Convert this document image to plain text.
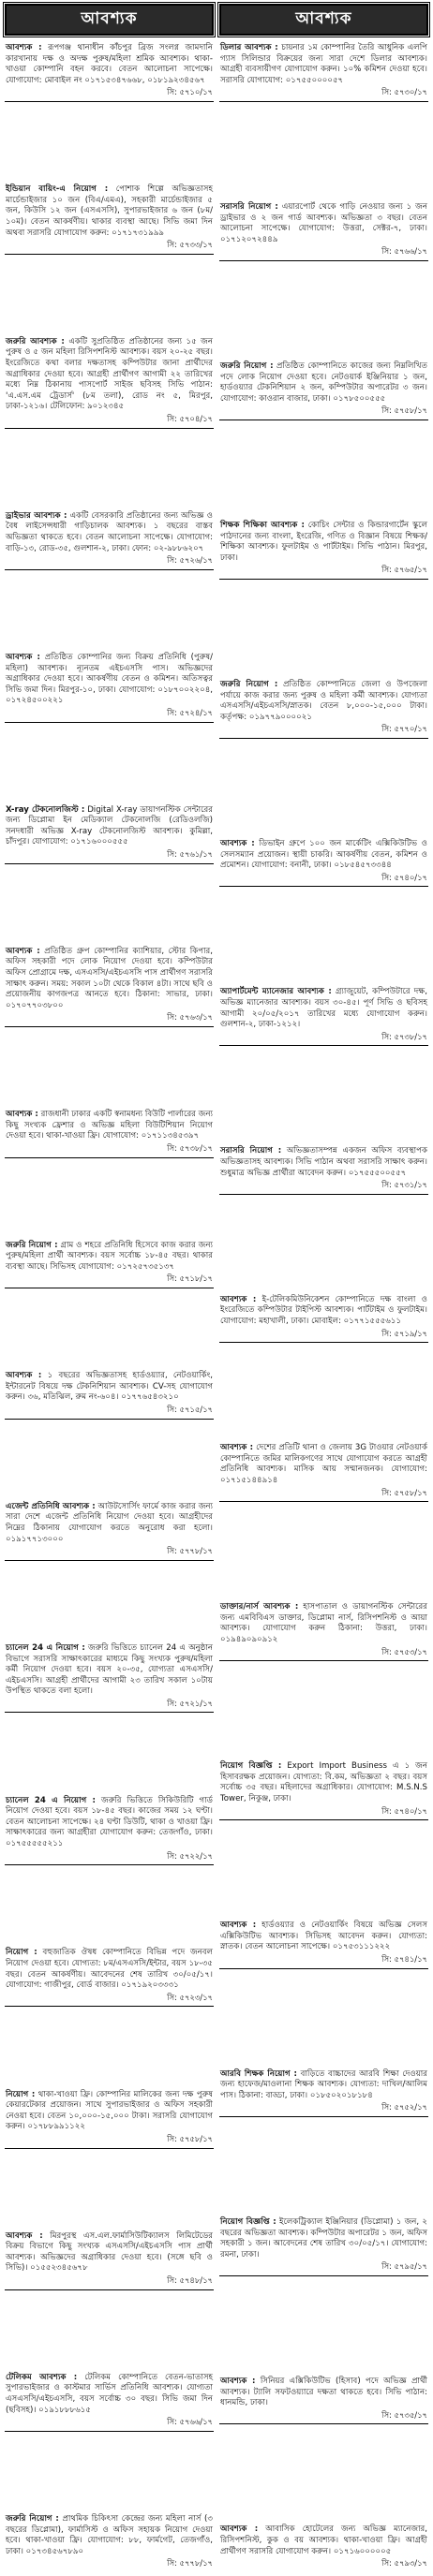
আবশ্যক
আবশ্যক : রূপগঞ্জ থানাধীন কাঁচপুর ব্রিজ সংলগ্ন জামদানি কারখানায় দক্ষ ও অদক্ষ পুরুষ/মহিলা শ্রমিক আবশ্যক। থাকা-খাওয়া কোম্পানি বহন করবে। বেতন আলোচনা সাপেক্ষে। যোগাযোগ: মোবাইল নং ০১৭১৫৩৪৭৬৬৮, ০১৮১৯২৩৪৫৬৭
সি: ৫৭১০/১৭
ইন্ডিয়ান বায়িং-এ নিয়োগ : পোশাক শিল্পে অভিজ্ঞতাসহ মার্চেন্ডাইজার ১০ জন (বিএ/এমএ), সহকারী মার্চেন্ডাইজার ৫ জন, কিউসি ১২ জন (এসএসসি), সুপারভাইজার ৬ জন (৮ম/১০ম)। বেতন আকর্ষণীয়। থাকার ব্যবস্থা আছে। সিভি জমা দিন অথবা সরাসরি যোগাযোগ করুন: ০১৭১৭৩১৯৯৯
সি: ৫৭৩৩/১৭
জরুরি আবশ্যক : একটি সুপ্রতিষ্ঠিত প্রতিষ্ঠানের জন্য ১৫ জন পুরুষ ও ৫ জন মহিলা রিসিপশনিস্ট আবশ্যক। বয়স ২০-২৫ বছর। ইংরেজিতে কথা বলার দক্ষতাসহ কম্পিউটার জানা প্রার্থীদের অগ্রাধিকার দেওয়া হবে। আগ্রহী প্রার্থীগণ আগামী ২২ তারিখের মধ্যে নিম্ন ঠিকানায় পাসপোর্ট সাইজ ছবিসহ সিভি পাঠান: 'এ.এস.এম ট্রেডার্স' (৮ম তলা), রোড নং ৫, মিরপুর, ঢাকা-১২১৬। টেলিফোন: ৯০১২৩৪৫
সি: ৫৭০৪/১৭
ড্রাইভার আবশ্যক : একটি বেসরকারি প্রতিষ্ঠানের জন্য অভিজ্ঞ ও বৈধ লাইসেন্সধারী গাড়িচালক আবশ্যক। ১ বছরের বাস্তব অভিজ্ঞতা থাকতে হবে। বেতন আলোচনা সাপেক্ষে। যোগাযোগ: বাড়ি-১৩, রোড-৩৫, গুলশান-২, ঢাকা। ফোন: ০২-৯৮৮৬২০৭
সি: ৫৭২৬/১৭
আবশ্যক : প্রতিষ্ঠিত কোম্পানির জন্য বিক্রয় প্রতিনিধি (পুরুষ/মহিলা) আবশ্যক। ন্যূনতম এইচএসসি পাস। অভিজ্ঞদের অগ্রাধিকার দেওয়া হবে। আকর্ষণীয় বেতন ও কমিশন। অতিসত্বর সিভি জমা দিন। মিরপুর-১০, ঢাকা। যোগাযোগ: ০১৮৭০০২২০৪, ০১৭২৪৫০০২২১
সি: ৫৭২৪/১৭
X-ray টেকনোলজিস্ট : Digital X-ray ডায়াগনস্টিক সেন্টারের জন্য ডিপ্লোমা ইন মেডিক্যাল টেকনোলজি (রেডিওলজি) সনদধারী অভিজ্ঞ X-ray টেকনোলজিস্ট আবশ্যক। কুমিল্লা, চাঁদপুর। যোগাযোগ: ০১৭১৬০০০৫৫৫
সি: ৫৭৬১/১৭
আবশ্যক : প্রতিষ্ঠিত গ্রুপ কোম্পানির ক্যাশিয়ার, স্টোর কিপার, অফিস সহকারী পদে লোক নিয়োগ দেওয়া হবে। কম্পিউটার অফিস প্রোগ্রামে দক্ষ, এসএসসি/এইচএসসি পাস প্রার্থীগণ সরাসরি সাক্ষাৎ করুন। সময়: সকাল ১০টা থেকে বিকাল ৪টা। সাথে ছবি ও প্রয়োজনীয় কাগজপত্র আনতে হবে। ঠিকানা: সাভার, ঢাকা। ০১৭০৭৭০৩৮০০
সি: ৫৭৬৩/১৭
আবশ্যক : রাজধানী ঢাকার একটি স্বনামধন্য বিউটি পার্লারের জন্য কিছু সংখ্যক ফ্রেশার ও অভিজ্ঞ মহিলা বিউটিশিয়ান নিয়োগ দেওয়া হবে। থাকা-খাওয়া ফ্রি। যোগাযোগ: ০১৭১১৩৪৫৩৯৭
সি: ৫৭৩৮/১৭
জরুরি নিয়োগ : গ্রাম ও শহরে প্রতিনিধি হিসেবে কাজ করার জন্য পুরুষ/মহিলা প্রার্থী আবশ্যক। বয়স সর্বোচ্চ ১৮-৪৫ বছর। থাকার ব্যবস্থা আছে। সিভিসহ যোগাযোগ: ০১৭২৫৭৩৫১৩৭
সি: ৫৭১৮/১৭
আবশ্যক : ১ বছরের অভিজ্ঞতাসহ হার্ডওয়্যার, নেটওয়ার্কিং, ইন্টারনেট বিষয়ে দক্ষ টেকনিশিয়ান আবশ্যক। CV-সহ যোগাযোগ করুন। ৩৬, মতিঝিল, রুম নং-৬০৪। ০১৭৭৬৫৪৩২১০
সি: ৫৭১৫/১৭
এজেন্ট প্রতিনিধি আবশ্যক : আউটসোর্সিং ফার্মে কাজ করার জন্য সারা দেশে এজেন্ট প্রতিনিধি নিয়োগ দেওয়া হবে। আগ্রহীদের নিম্নের ঠিকানায় যোগাযোগ করতে অনুরোধ করা হলো। ০১৯১৭৭১৩০০০
সি: ৫৭৭৮/১৭
চ্যানেল 24 এ নিয়োগ : জরুরি ভিত্তিতে চ্যানেল 24 এ অনুষ্ঠান বিভাগে সরাসরি সাক্ষাৎকারের মাধ্যমে কিছু সংখ্যক পুরুষ/মহিলা কর্মী নিয়োগ দেওয়া হবে। বয়স ২০-৩৫, যোগ্যতা এসএসসি/এইচএসসি। আগ্রহী প্রার্থীদের আগামী ২৩ তারিখ সকাল ১০টায় উপস্থিত থাকতে বলা হলো।
সি: ৫৭২১/১৭
চ্যানেল 24 এ নিয়োগ : জরুরি ভিত্তিতে সিকিউরিটি গার্ড নিয়োগ দেওয়া হবে। বয়স ১৮-৪৫ বছর। কাজের সময় ১২ ঘণ্টা। বেতন আলোচনা সাপেক্ষে। ২৪ ঘণ্টা ডিউটি, থাকা ও খাওয়া ফ্রি। সাক্ষাৎকারের জন্য আগ্রহীরা যোগাযোগ করুন: তেজগাঁও, ঢাকা। ০১৭৫৫৫৫৫২১১
সি: ৫৭২২/১৭
নিয়োগ : বহুজাতিক ঔষধ কোম্পানিতে বিভিন্ন পদে জনবল নিয়োগ দেওয়া হবে। যোগ্যতা: ৮ম/এসএসসি/ইন্টার, বয়স ১৮-৩৫ বছর। বেতন আকর্ষণীয়। আবেদনের শেষ তারিখ ৩০/০৫/১৭। যোগাযোগ: গাজীপুর, বোর্ড বাজার। ০১৭১৯২০৩৩৩১
সি: ৫৭২৩/১৭
নিয়োগ : থাকা-খাওয়া ফ্রি। কোম্পানির মালিকের জন্য দক্ষ পুরুষ কেয়ারটেকার প্রয়োজন। সাথে সুপারভাইজার ও অফিস সহকারী নেওয়া হবে। বেতন ১০,০০০-১৫,০০০ টাকা। সরাসরি যোগাযোগ করুন। ০১৭৮৮৯৯১১২২
সি: ৫৭৫৮/১৭
আবশ্যক : মিরপুরস্থ এস.এল.ফার্মাসিউটিক্যালস লিমিটেডের বিক্রয় বিভাগে কিছু সংখ্যক এসএসসি/এইচএসসি পাস প্রার্থী আবশ্যক। অভিজ্ঞদের অগ্রাধিকার দেওয়া হবে। (সঙ্গে ছবি ও সিভি)। ০১৫৫২৩৪৫৬৭৮
সি: ৫৭৪৮/১৭
টেলিকম আবশ্যক : টেলিকম কোম্পানিতে বেতন-ভাতাসহ সুপারভাইজার ও কাস্টমার সার্ভিস প্রতিনিধি আবশ্যক। যোগ্যতা এসএসসি/এইচএসসি, বয়স সর্বোচ্চ ৩০ বছর। সিভি জমা দিন (ছবিসহ)। ০১৯১৮৮৮৬১৫
সি: ৫৭৬৬/১৭
জরুরি নিয়োগ : প্রাথমিক চিকিৎসা কেন্দ্রের জন্য মহিলা নার্স (৩ বছরের ডিপ্লোমা), ফার্মাসিস্ট ও অফিস সহায়ক নিয়োগ দেওয়া হবে। থাকা-খাওয়া ফ্রি। যোগাযোগ: ৮৮, ফার্মগেট, তেজগাঁও, ঢাকা। ০১৭৩৪৫৬৭৮৯০
সি: ৫৭৭৮/১৭
আবশ্যক
ডিলার আবশ্যক : চায়নার ১ম কোম্পানির তৈরি আধুনিক এলপি গ্যাস সিলিন্ডার বিক্রয়ের জন্য সারা দেশে ডিলার আবশ্যক। আগ্রহী ব্যবসায়ীগণ যোগাযোগ করুন। ১০% কমিশন দেওয়া হবে। সরাসরি যোগাযোগ: ০১৭৫৫০০০০৫৭
সি: ৫৭৩০/১৭
সরাসরি নিয়োগ : এয়ারপোর্ট থেকে গাড়ি নেওয়ার জন্য ১ জন ড্রাইভার ও ২ জন গার্ড আবশ্যক। অভিজ্ঞতা ৩ বছর। বেতন আলোচনা সাপেক্ষে। যোগাযোগ: উত্তরা, সেক্টর-৭, ঢাকা। ০১৭১২০৭২৪৪৯
সি: ৫৭৬৬/১৭
জরুরি নিয়োগ : প্রতিষ্ঠিত কোম্পানিতে কাজের জন্য নিম্নলিখিত পদে লোক নিয়োগ দেওয়া হবে। নেটওয়ার্ক ইঞ্জিনিয়ার ১ জন, হার্ডওয়্যার টেকনিশিয়ান ২ জন, কম্পিউটার অপারেটর ৩ জন। যোগাযোগ: কাওরান বাজার, ঢাকা। ০১৭৮৫০০৫৫৫
সি: ৫৭৫৮/১৭
শিক্ষক শিক্ষিকা আবশ্যক : কোচিং সেন্টার ও কিন্ডারগার্টেন স্কুলে পাঠদানের জন্য বাংলা, ইংরেজি, গণিত ও বিজ্ঞান বিষয়ে শিক্ষক/শিক্ষিকা আবশ্যক। ফুলটাইম ও পার্টটাইম। সিভি পাঠান। মিরপুর, ঢাকা।
সি: ৫৭৬৫/১৭
জরুরি নিয়োগ : প্রতিষ্ঠিত কোম্পানিতে জেলা ও উপজেলা পর্যায়ে কাজ করার জন্য পুরুষ ও মহিলা কর্মী আবশ্যক। যোগ্যতা এসএসসি/এইচএসসি/স্নাতক। বেতন ৮,০০০-১৫,০০০ টাকা। কর্তৃপক্ষ: ০১৯৭৭৯০০০০২১
সি: ৫৭৭০/১৭
আবশ্যক : ডিভাইন গ্রুপে ১০০ জন মার্কেটিং এক্সিকিউটিভ ও সেলসম্যান প্রয়োজন। স্থায়ী চাকরি। আকর্ষণীয় বেতন, কমিশন ও প্রমোশন। যোগাযোগ: বনানী, ঢাকা। ০১৮৫৪৫৭৩৩৪৪
সি: ৫৭৪০/১৭
অ্যাপার্টমেন্ট ম্যানেজার আবশ্যক : গ্র্যাজুয়েট, কম্পিউটারে দক্ষ, অভিজ্ঞ ম্যানেজার আবশ্যক। বয়স ৩০-৪৫। পূর্ণ সিভি ও ছবিসহ আগামী ২০/০৫/২০১৭ তারিখের মধ্যে যোগাযোগ করুন। গুলশান-২, ঢাকা-১২১২।
সি: ৫৭৩৮/১৭
সরাসরি নিয়োগ : অভিজ্ঞতাসম্পন্ন একজন অফিস ব্যবস্থাপক অভিজ্ঞতাসহ আবশ্যক। সিভি পাঠান অথবা সরাসরি সাক্ষাৎ করুন। শুধুমাত্র অভিজ্ঞ প্রার্থীরা আবেদন করুন। ০১৭৫৫৫০০৫৫৭
সি: ৫৭৩১/১৭
আবশ্যক : ই-টেলিকমিউনিকেশন কোম্পানিতে দক্ষ বাংলা ও ইংরেজিতে কম্পিউটার টাইপিস্ট আবশ্যক। পার্টটাইম ও ফুলটাইম। যোগাযোগ: মহাখালী, ঢাকা। মোবাইল: ০১৭৭১৫৫৫৬১১
সি: ৫৭১৯/১৭
আবশ্যক : দেশের প্রতিটি থানা ও জেলায় 3G টাওয়ার নেটওয়ার্ক কোম্পানিতে জমির মালিকগণের সাথে যোগাযোগ করতে আগ্রহী প্রতিনিধি আবশ্যক। মাসিক আয় সম্মানজনক। যোগাযোগ: ০১৭১৫১৪৪৯১৪
সি: ৫৭৫৮/১৭
ডাক্তার/নার্স আবশ্যক : হাসপাতাল ও ডায়াগনস্টিক সেন্টারের জন্য এমবিবিএস ডাক্তার, ডিপ্লোমা নার্স, রিসিপশনিস্ট ও আয়া আবশ্যক। যোগাযোগ করুন ঠিকানা: উত্তরা, ঢাকা। ০১৯৪৯০৯০৯১২
সি: ৫৭৫৩/১৭
নিয়োগ বিজ্ঞপ্তি : Export Import Business এ ১ জন হিসাবরক্ষক প্রয়োজন। যোগ্যতা: বি.কম, অভিজ্ঞতা ২ বছর। বয়স সর্বোচ্চ ৩৫ বছর। মহিলাদের অগ্রাধিকার। যোগাযোগ: M.S.N.S Tower, নিকুঞ্জ, ঢাকা।
সি: ৫৭৪০/১৭
আবশ্যক : হার্ডওয়্যার ও নেটওয়ার্কিং বিষয়ে অভিজ্ঞ সেলস এক্সিকিউটিভ আবশ্যক। সিভিসহ আবেদন করুন। যোগ্যতা: স্নাতক। বেতন আলোচনা সাপেক্ষে। ০১৭৫৩১১১২২২
সি: ৫৭৪১/১৭
আরবি শিক্ষক নিয়োগ : বাড়িতে বাচ্চাদের আরবি শিক্ষা দেওয়ার জন্য হাফেজ/মাওলানা শিক্ষক আবশ্যক। যোগ্যতা: দাখিল/আলিম পাস। ঠিকানা: বাড্ডা, ঢাকা। ০১৮৫০২০১৮১৮৪
সি: ৫৭৫২/১৭
নিয়োগ বিজ্ঞপ্তি : ইলেকট্রিক্যাল ইঞ্জিনিয়ার (ডিপ্লোমা) ১ জন, ২ বছরের অভিজ্ঞতা আবশ্যক। কম্পিউটার অপারেটর ১ জন, অফিস সহকারী ১ জন। আবেদনের শেষ তারিখ ৩০/০৫/১৭। যোগাযোগ: রমনা, ঢাকা।
সি: ৫৭৯৫/১৭
আবশ্যক : সিনিয়র এক্সিকিউটিভ (হিসাব) পদে অভিজ্ঞ প্রার্থী আবশ্যক। ট্যালি সফটওয়্যারে দক্ষতা থাকতে হবে। সিভি পাঠান: ধানমন্ডি, ঢাকা।
সি: ৫৭৩৫/১৭
আবশ্যক : আবাসিক হোটেলের জন্য অভিজ্ঞ ম্যানেজার, রিসিপশনিস্ট, কুক ও বয় আবশ্যক। থাকা-খাওয়া ফ্রি। আগ্রহী প্রার্থীগণ সরাসরি যোগাযোগ করুন। ০১৭১৬০০০০০৫
সি: ৫৭৯৩/১৭
